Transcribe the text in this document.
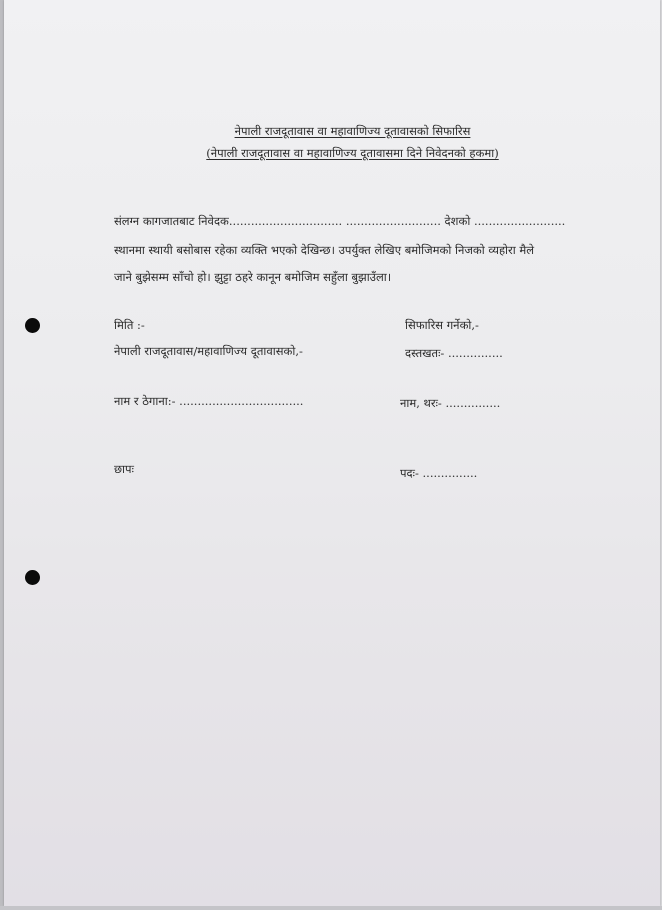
नेपाली राजदूतावास वा महावाणिज्य दूतावासको सिफारिस
(नेपाली राजदूतावास वा महावाणिज्य दूतावासमा दिने निवेदनको हकमा)
संलग्न कागजातबाट निवेदक............................... .......................... देशको .........................
स्थानमा स्थायी बसोबास रहेका व्यक्ति भएको देखिन्छ। उपर्युक्त लेखिए बमोजिमको निजको व्यहोरा मैले
जाने बुझेसम्म साँचो हो। झुट्टा ठहरे कानून बमोजिम सहुँला बुझाउँला।
मिति :-
नेपाली राजदूतावास/महावाणिज्य दूतावासको,-
नाम र ठेगाना:- ..................................
छापः
सिफारिस गर्नेको,-
दस्तखतः- ...............
नाम, थरः- ...............
पदः- ...............
